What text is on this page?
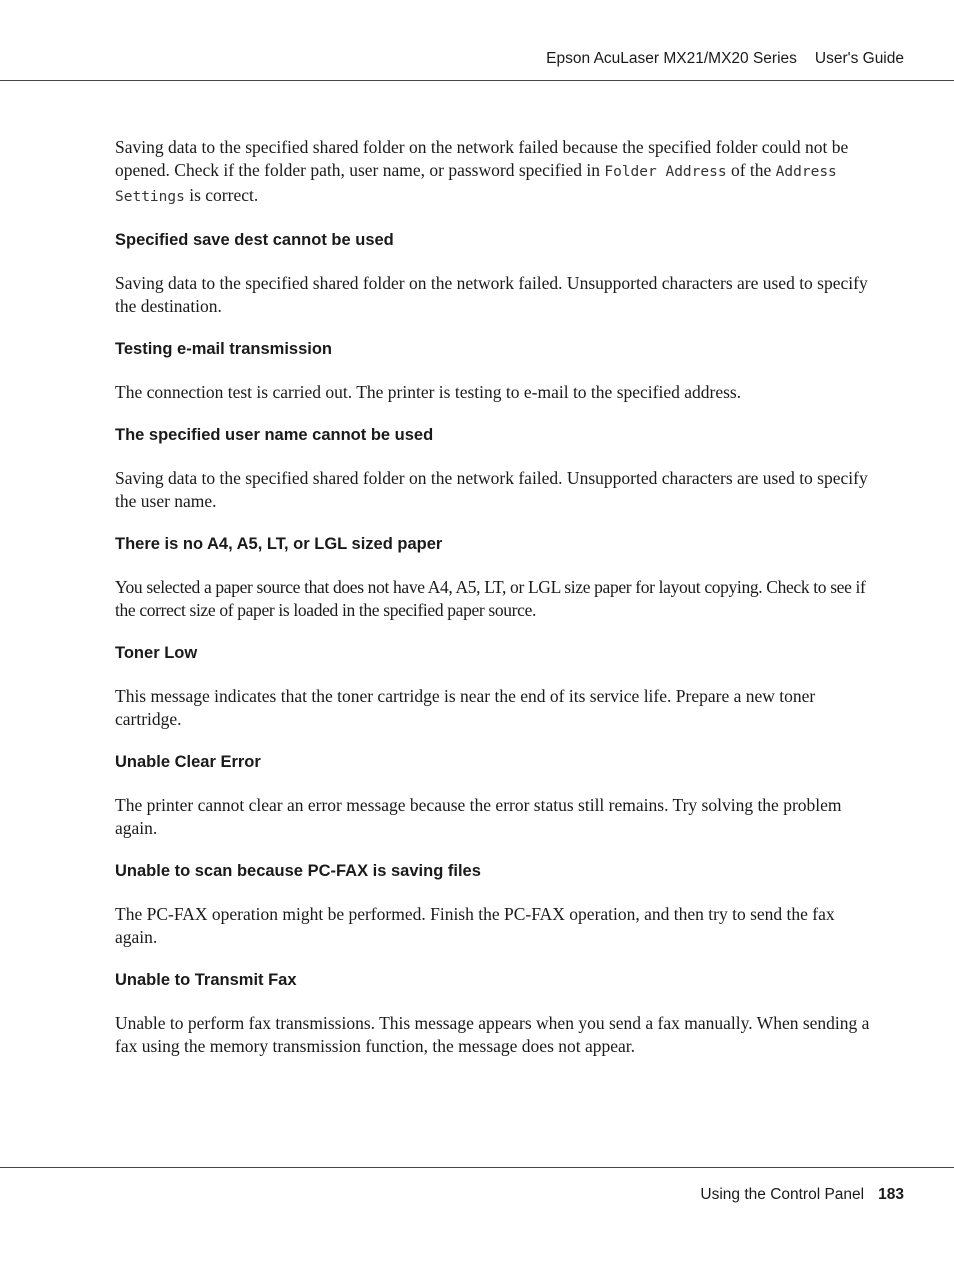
Epson AcuLaser MX21/MX20 Series User's Guide

Saving data to the specified shared folder on the network failed because the specified folder could not be opened. Check if the folder path, user name, or password specified in Folder Address of the Address Settings is correct.

Specified save dest cannot be used

Saving data to the specified shared folder on the network failed. Unsupported characters are used to specify the destination.

Testing e-mail transmission

The connection test is carried out. The printer is testing to e-mail to the specified address.

The specified user name cannot be used

Saving data to the specified shared folder on the network failed. Unsupported characters are used to specify the user name.

There is no A4, A5, LT, or LGL sized paper

You selected a paper source that does not have A4, A5, LT, or LGL size paper for layout copying. Check to see if the correct size of paper is loaded in the specified paper source.

Toner Low

This message indicates that the toner cartridge is near the end of its service life. Prepare a new toner cartridge.

Unable Clear Error

The printer cannot clear an error message because the error status still remains. Try solving the problem again.

Unable to scan because PC-FAX is saving files

The PC-FAX operation might be performed. Finish the PC-FAX operation, and then try to send the fax again.

Unable to Transmit Fax

Unable to perform fax transmissions. This message appears when you send a fax manually. When sending a fax using the memory transmission function, the message does not appear.

Using the Control Panel 183
